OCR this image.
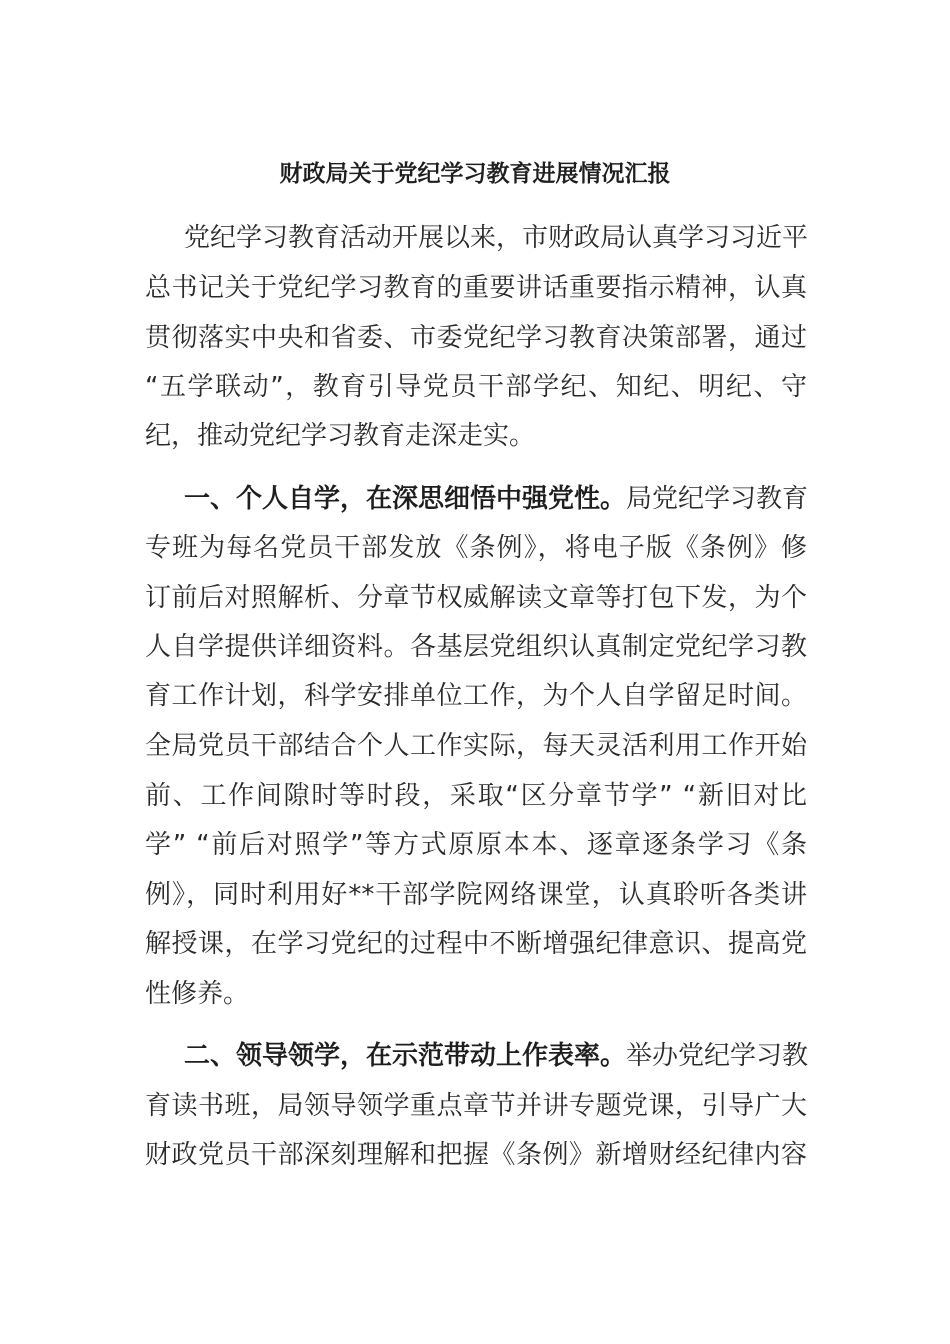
财政局关于党纪学习教育进展情况汇报
党纪学习教育活动开展以来，市财政局认真学习习近平
总书记关于党纪学习教育的重要讲话重要指示精神，认真
贯彻落实中央和省委、市委党纪学习教育决策部署，通过
“五学联动”，教育引导党员干部学纪、知纪、明纪、守
纪，推动党纪学习教育走深走实。
一、个人自学，在深思细悟中强党性。局党纪学习教育
专班为每名党员干部发放《条例》，将电子版《条例》修
订前后对照解析、分章节权威解读文章等打包下发，为个
人自学提供详细资料。各基层党组织认真制定党纪学习教
育工作计划，科学安排单位工作，为个人自学留足时间。
全局党员干部结合个人工作实际，每天灵活利用工作开始
前、工作间隙时等时段，采取“区分章节学” “新旧对比
学” “前后对照学”等方式原原本本、逐章逐条学习《条
例》，同时利用好**干部学院网络课堂，认真聆听各类讲
解授课，在学习党纪的过程中不断增强纪律意识、提高党
性修养。
二、领导领学，在示范带动上作表率。举办党纪学习教
育读书班，局领导领学重点章节并讲专题党课，引导广大
财政党员干部深刻理解和把握《条例》新增财经纪律内容
